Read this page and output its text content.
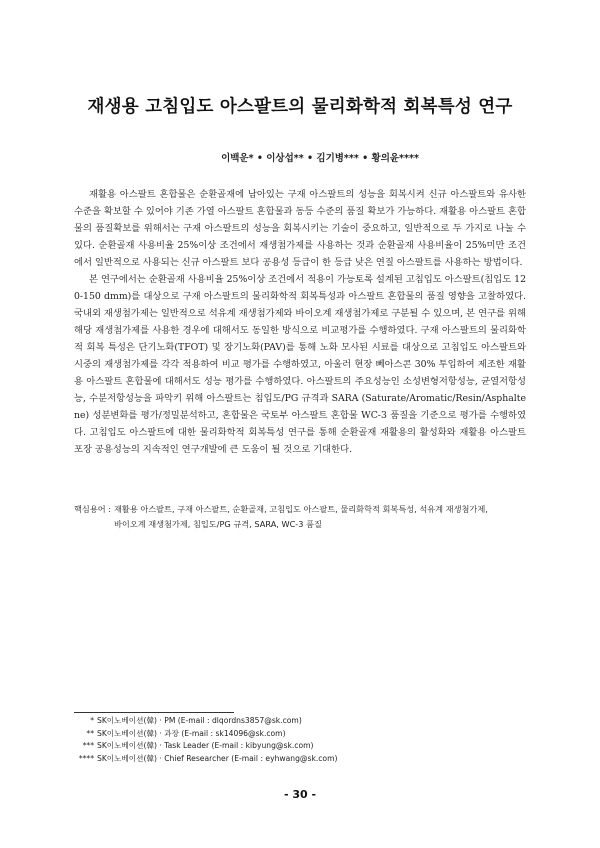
재생용 고침입도 아스팔트의 물리화학적 회복특성 연구
이백운* • 이상섭** • 김기병*** • 황의윤****

재활용 아스팔트 혼합물은 순환골재에 남아있는 구재 아스팔트의 성능을 회복시켜 신규 아스팔트와 유사한 수준을 확보할 수 있어야 기존 가열 아스팔트 혼합물과 동등 수준의 품질 확보가 가능하다. 재활용 아스팔트 혼합물의 품질확보를 위해서는 구재 아스팔트의 성능을 회복시키는 기술이 중요하고, 일반적으로 두 가지로 나눌 수 있다. 순환골재 사용비율 25%이상 조건에서 재생첨가제를 사용하는 것과 순환골재 사용비율이 25%미만 조건에서 일반적으로 사용되는 신규 아스팔트 보다 공용성 등급이 한 등급 낮은 연질 아스팔트를 사용하는 방법이다.

본 연구에서는 순환골재 사용비율 25%이상 조건에서 적용이 가능토록 설계된 고침입도 아스팔트(침입도 120-150 dmm)를 대상으로 구재 아스팔트의 물리화학적 회복특성과 아스팔트 혼합물의 품질 영향을 고찰하였다. 국내외 재생첨가제는 일반적으로 석유계 재생첨가제와 바이오계 재생첨가제로 구분될 수 있으며, 본 연구를 위해 해당 재생첨가제를 사용한 경우에 대해서도 동일한 방식으로 비교평가를 수행하였다. 구재 아스팔트의 물리화학적 회복 특성은 단기노화(TFOT) 및 장기노화(PAV)를 통해 노화 모사된 시료를 대상으로 고침입도 아스팔트와 시중의 재생첨가제를 각각 적용하여 비교 평가를 수행하였고, 아울러 현장 뻬아스콘 30% 투입하여 제조한 재활용 아스팔트 혼합물에 대해서도 성능 평가를 수행하였다. 아스팔트의 주요성능인 소성변형저항성능, 균열저항성능, 수분저항성능을 파악키 위해 아스팔트는 침입도/PG 규격과 SARA (Saturate/Aromatic/Resin/Asphaltene) 성분변화를 평가/정밀분석하고, 혼합물은 국토부 아스팔트 혼합물 WC-3 품질을 기준으로 평가를 수행하였다. 고침입도 아스팔트에 대한 물리화학적 회복특성 연구를 통해 순환골재 재활용의 활성화와 재활용 아스팔트 포장 공용성능의 지속적인 연구개발에 큰 도움이 될 것으로 기대한다.

핵심용어 : 재활용 아스팔트, 구재 아스팔트, 순환골재, 고침입도 아스팔트, 물리화학적 회복특성, 석유계 재생첨가제,
바이오계 재생첨가제, 침입도/PG 규격, SARA, WC-3 품질
* SK이노베이션(韓) · PM (E-mail : dlqordns3857@sk.com)
** SK이노베이션(韓) · 과장 (E-mail : sk14096@sk.com)
*** SK이노베이션(韓) · Task Leader (E-mail : kibyung@sk.com)
**** SK이노베이션(韓) · Chief Researcher (E-mail : eyhwang@sk.com)
- 30 -
